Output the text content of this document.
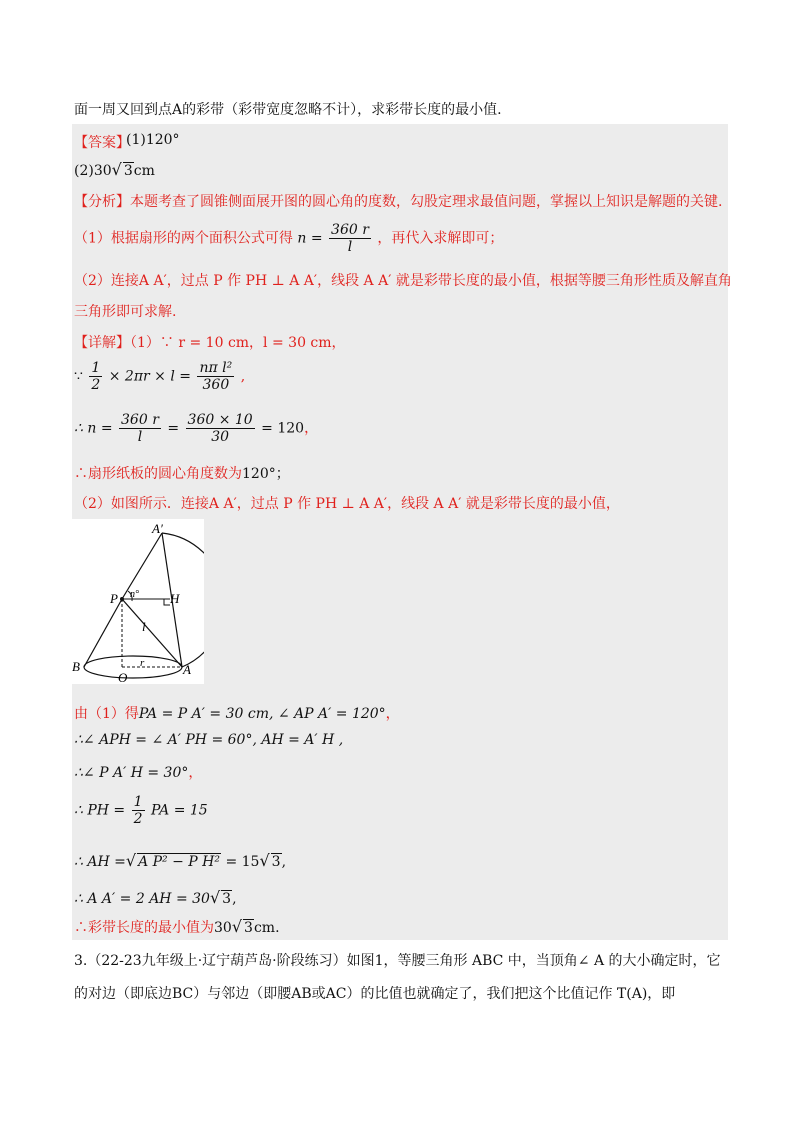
面一周又回到点A的彩带（彩带宽度忽略不计），求彩带长度的最小值.
【答案】
(1)120°
(2)30√ 3cm
【分析】本题考查了圆锥侧面展开图的圆心角的度数，勾股定理求最值问题，掌握以上知识是解题的关键.
（1）根据扇形的两个面积公式可得 $n = \frac{360 r}{l}$ ，再代入求解即可；
（2）连接A A′，过点 P 作 PH ⊥ A A′，线段 A A′ 就是彩带长度的最小值，根据等腰三角形性质及解直角
三角形即可求解.
【详解】（1）∵ r = 10 cm，l = 30 cm，
∵ $\frac{1}{2} \times 2\pi r \times l = \frac{\text{nπ l²}}{360}$ ,
∴ $n = \frac{360 r}{l} = \frac{360 \times 10}{30} = 120$，
∴扇形纸板的圆心角度数为120°；
（2）如图所示．连接A A′，过点 P 作 PH ⊥ A A′，线段 A A′ 就是彩带长度的最小值，
A′
P n° H
l
B
O
r	A
由（1）得PA = P A′ = 30 cm, ∠ AP A′ = 120°，
∴∠ APH = ∠ A′ PH = 60°, AH = A′ H ,
∴∠ P A′ H = 30°，
∴ PH = $\frac{1}{2}$ PA = 15
∴ AH =√ A P² − P H² = 15√ 3,
∴ A A′ = 2 AH = 30√ 3,
∴彩带长度的最小值为30√ 3cm.
3.（22-23九年级上·辽宁葫芦岛·阶段练习）如图1，等腰三角形 ABC 中，当顶角∠ A 的大小确定时，它
的对边（即底边BC）与邻边（即腰AB或AC）的比值也就确定了，我们把这个比值记作 T(A)，即
